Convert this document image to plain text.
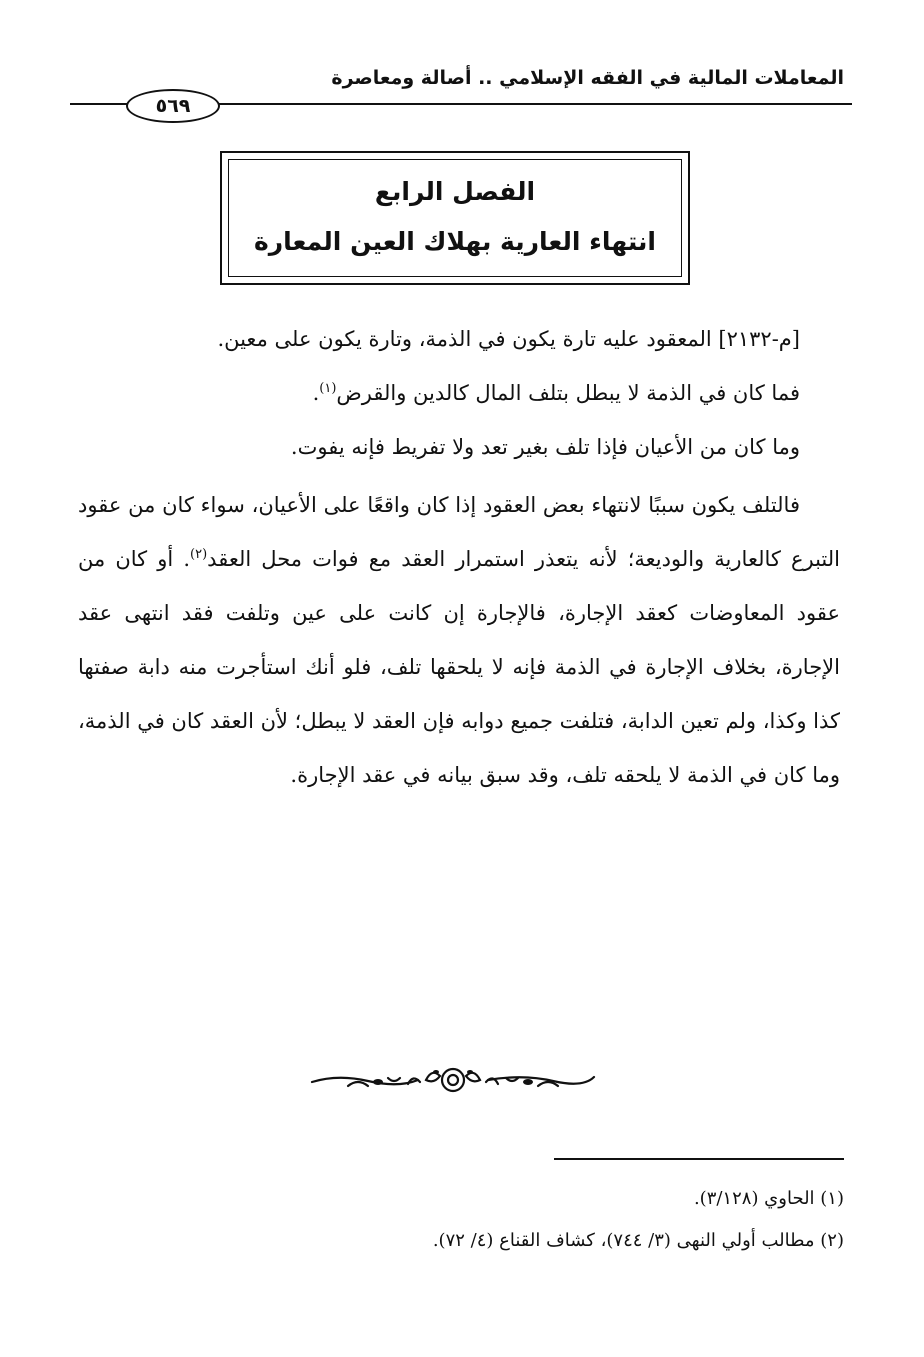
المعاملات المالية في الفقه الإسلامي .. أصالة ومعاصرة
٥٦٩
الفصل الرابع
انتهاء العارية بهلاك العين المعارة

[م-٢١٣٢] المعقود عليه تارة يكون في الذمة، وتارة يكون على معين.

فما كان في الذمة لا يبطل بتلف المال كالدين والقرض$^{(١)}$.

وما كان من الأعيان فإذا تلف بغير تعد ولا تفريط فإنه يفوت.

فالتلف يكون سببًا لانتهاء بعض العقود إذا كان واقعًا على الأعيان، سواء كان من عقود التبرع كالعارية والوديعة؛ لأنه يتعذر استمرار العقد مع فوات محل العقد$^{(٢)}$. أو كان من عقود المعاوضات كعقد الإجارة، فالإجارة إن كانت على عين وتلفت فقد انتهى عقد الإجارة، بخلاف الإجارة في الذمة فإنه لا يلحقها تلف، فلو أنك استأجرت منه دابة صفتها كذا وكذا، ولم تعين الدابة، فتلفت جميع دوابه فإن العقد لا يبطل؛ لأن العقد كان في الذمة، وما كان في الذمة لا يلحقه تلف، وقد سبق بيانه في عقد الإجارة.

(١) الحاوي (٣/١٢٨).

(٢) مطالب أولي النهى (٣/ ٧٤٤)، كشاف القناع (٤/ ٧٢).
